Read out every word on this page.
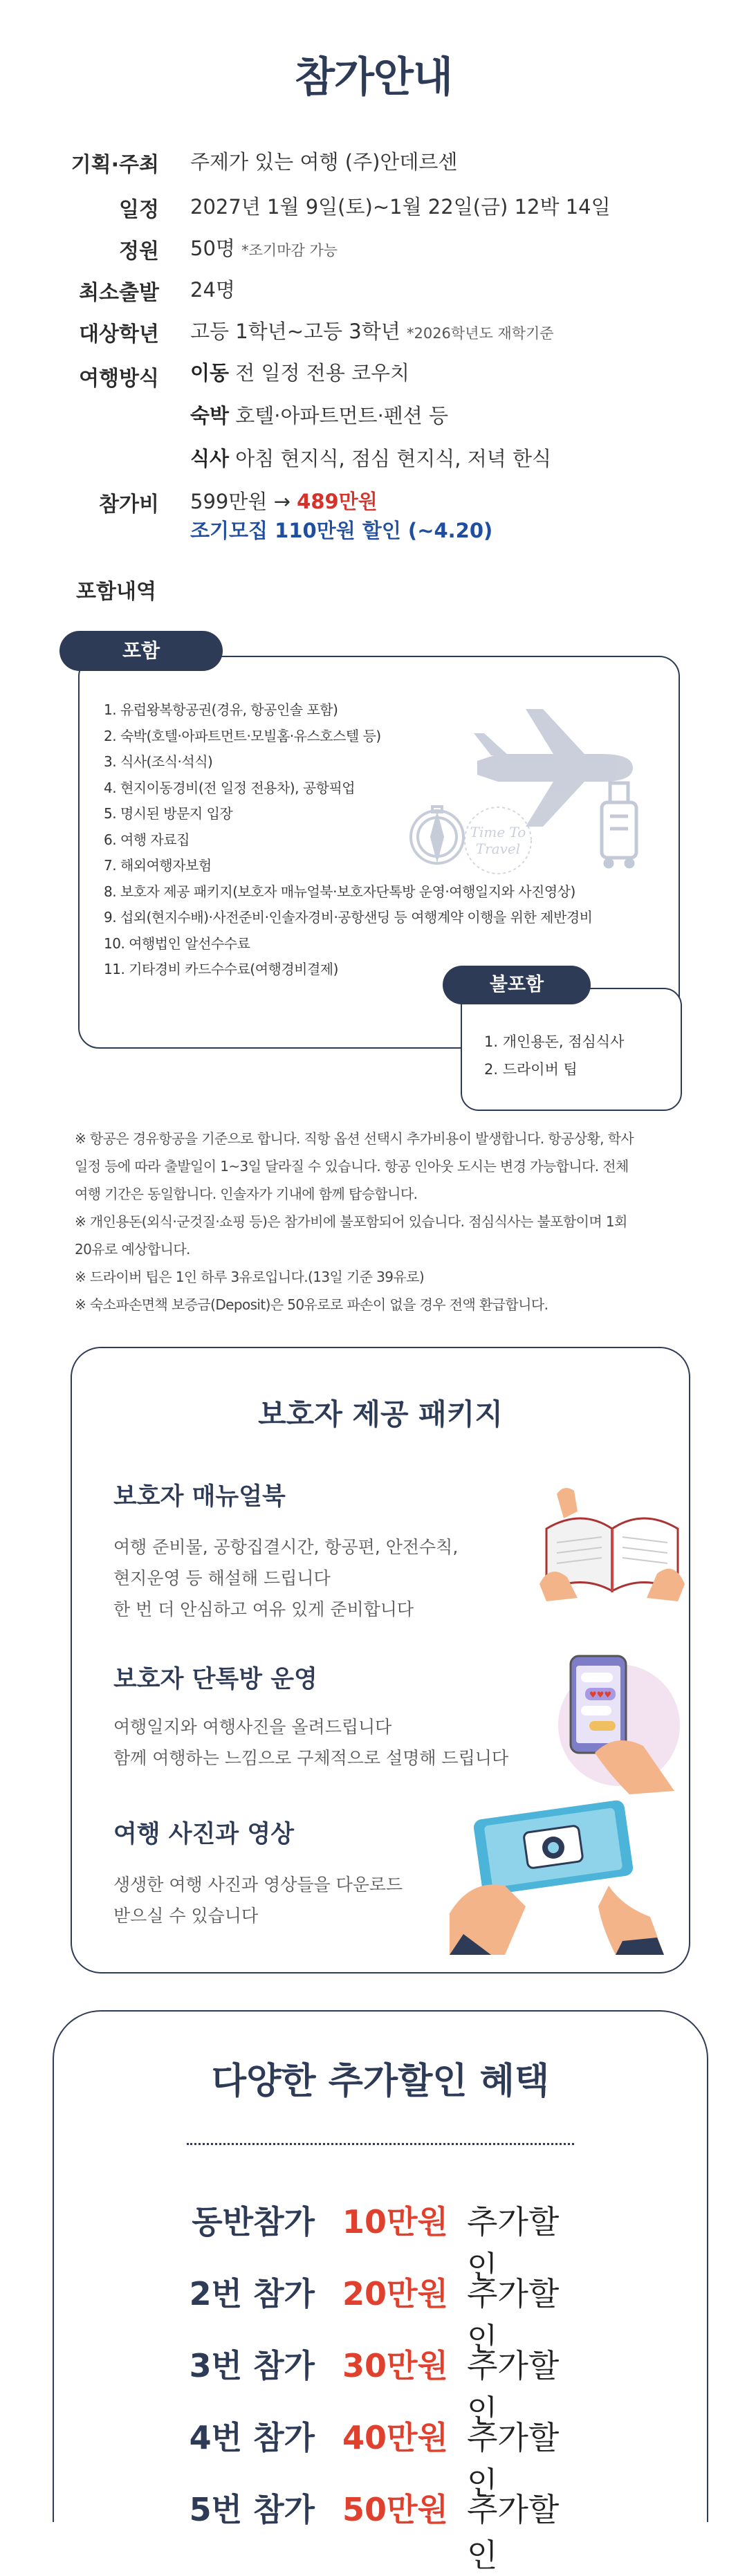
참가안내
기획·주최 주제가 있는 여행 (주)안데르센
일정 2027년 1월 9일(토)~1월 22일(금) 12박 14일
정원 50명 *조기마감 가능
최소출발 24명
대상학년 고등 1학년~고등 3학년 *2026학년도 재학기준
여행방식 이동 전 일정 전용 코우치
숙박 호텔·아파트먼트·펜션 등
식사 아침 현지식, 점심 현지식, 저녁 한식
참가비 599만원 → 489만원
조기모집 110만원 할인 (~4.20)
포함내역
포함
1. 유럽왕복항공권(경유, 항공인솔 포함)
2. 숙박(호텔·아파트먼트·모빌홈·유스호스텔 등)
3. 식사(조식·석식)
4. 현지이동경비(전 일정 전용차), 공항픽업
5. 명시된 방문지 입장
6. 여행 자료집
7. 해외여행자보험
8. 보호자 제공 패키지(보호자 매뉴얼북·보호자단톡방 운영·여행일지와 사진영상)
9. 섭외(현지수배)·사전준비·인솔자경비·공항샌딩 등 여행계약 이행을 위한 제반경비
10. 여행법인 알선수수료
11. 기타경비 카드수수료(여행경비결제)
Time To
Travel
불포함
1. 개인용돈, 점심식사
2. 드라이버 팁

※ 항공은 경유항공을 기준으로 합니다. 직항 옵션 선택시 추가비용이 발생합니다. 항공상황, 학사

일정 등에 따라 출발일이 1~3일 달라질 수 있습니다. 항공 인아웃 도시는 변경 가능합니다. 전체

여행 기간은 동일합니다. 인솔자가 기내에 함께 탑승합니다.

※ 개인용돈(외식·군것질·쇼핑 등)은 참가비에 불포함되어 있습니다. 점심식사는 불포함이며 1회

20유로 예상합니다.

※ 드라이버 팁은 1인 하루 3유로입니다.(13일 기준 39유로)

※ 숙소파손면책 보증금(Deposit)은 50유로로 파손이 없을 경우 전액 환급합니다.

보호자 제공 패키지
보호자 매뉴얼북
여행 준비물, 공항집결시간, 항공편, 안전수칙,
현지운영 등 해설해 드립니다
한 번 더 안심하고 여유 있게 준비합니다
보호자 단톡방 운영
여행일지와 여행사진을 올려드립니다
함께 여행하는 느낌으로 구체적으로 설명해 드립니다
여행 사진과 영상
생생한 여행 사진과 영상들을 다운로드
받으실 수 있습니다
♥♥♥
다양한 추가할인 혜택
동반참가 10만원 추가할인
2번 참가 20만원 추가할인
3번 참가 30만원 추가할인
4번 참가 40만원 추가할인
5번 참가 50만원 추가할인
